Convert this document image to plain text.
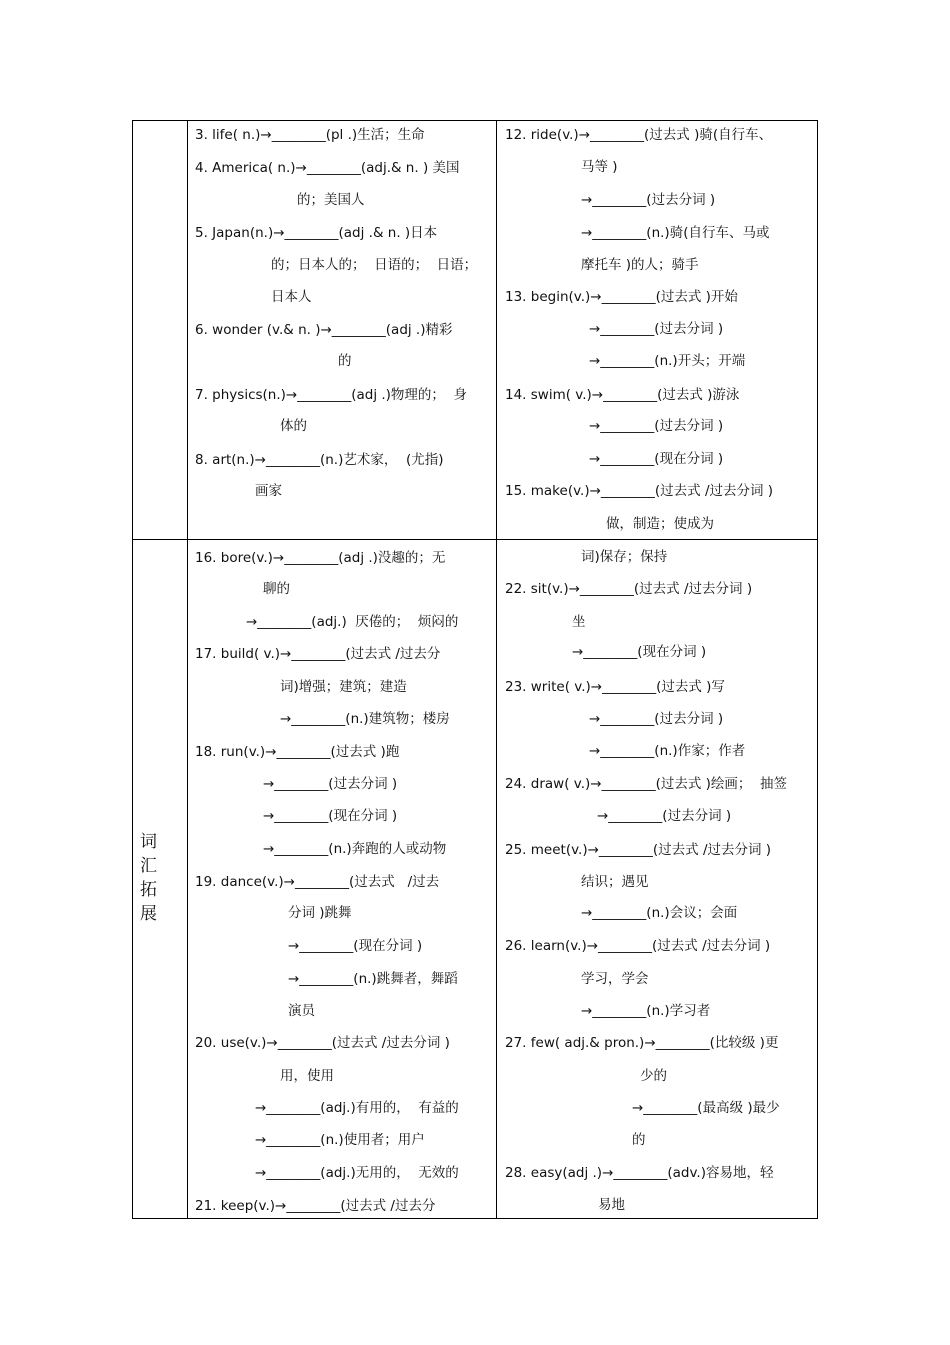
词
汇
拓
展
3. life( n.)→________(pl .)生活；生命
4. America( n.)→________(adj.& n. ) 美国
的；美国人
5. Japan(n.)→________(adj .& n. )日本
的；日本人的；  日语的；  日语；
日本人
6. wonder (v.& n. )→________(adj .)精彩
的
7. physics(n.)→________(adj .)物理的；  身
体的
8. art(n.)→________(n.)艺术家，  (尤指)
画家
12. ride(v.)→________(过去式 )骑(自行车、
马等 )
→________(过去分词 )
→________(n.)骑(自行车、马或
摩托车 )的人；骑手
13. begin(v.)→________(过去式 )开始
→________(过去分词 )
→________(n.)开头；开端
14. swim( v.)→________(过去式 )游泳
→________(过去分词 )
→________(现在分词 )
15. make(v.)→________(过去式 /过去分词 )
做，制造；使成为
16. bore(v.)→________(adj .)没趣的；无
聊的
→________(adj.)  厌倦的；  烦闷的
17. build( v.)→________(过去式 /过去分
词)增强；建筑；建造
→________(n.)建筑物；楼房
18. run(v.)→________(过去式 )跑
→________(过去分词 )
→________(现在分词 )
→________(n.)奔跑的人或动物
19. dance(v.)→________(过去式   /过去
分词 )跳舞
→________(现在分词 )
→________(n.)跳舞者，舞蹈
演员
20. use(v.)→________(过去式 /过去分词 )
用，使用
→________(adj.)有用的，  有益的
→________(n.)使用者；用户
→________(adj.)无用的，  无效的
21. keep(v.)→________(过去式 /过去分
词)保存；保持
22. sit(v.)→________(过去式 /过去分词 )
坐
→________(现在分词 )
23. write( v.)→________(过去式 )写
→________(过去分词 )
→________(n.)作家；作者
24. draw( v.)→________(过去式 )绘画；  抽签
→________(过去分词 )
25. meet(v.)→________(过去式 /过去分词 )
结识；遇见
→________(n.)会议；会面
26. learn(v.)→________(过去式 /过去分词 )
学习，学会
→________(n.)学习者
27. few( adj.& pron.)→________(比较级 )更
少的
→________(最高级 )最少
的
28. easy(adj .)→________(adv.)容易地，轻
易地
